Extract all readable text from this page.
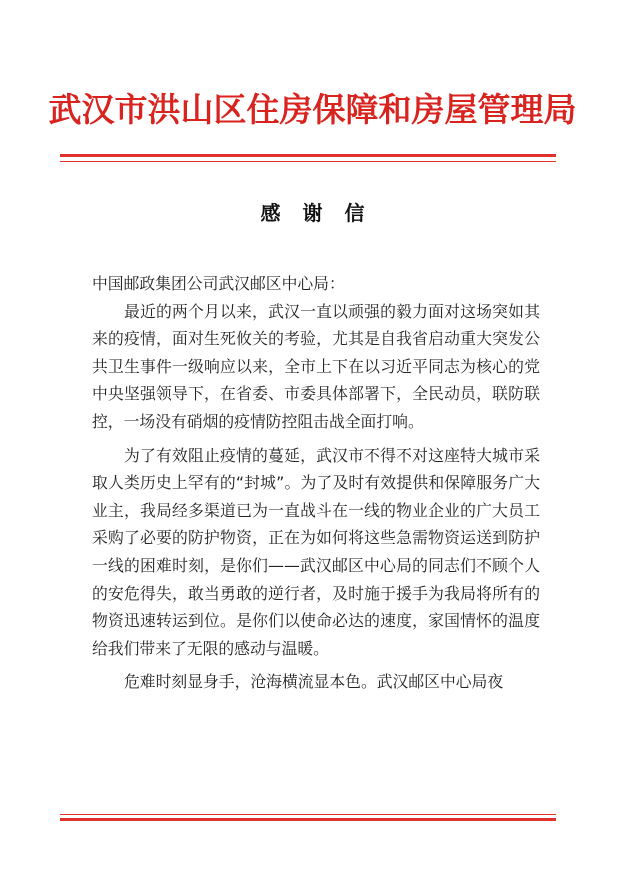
武汉市洪山区住房保障和房屋管理局
感谢信

中国邮政集团公司武汉邮区中心局：

最近的两个月以来，武汉一直以顽强的毅力面对这场突如其来的疫情，面对生死攸关的考验，尤其是自我省启动重大突发公共卫生事件一级响应以来，全市上下在以习近平同志为核心的党中央坚强领导下，在省委、市委具体部署下，全民动员，联防联控，一场没有硝烟的疫情防控阻击战全面打响。

为了有效阻止疫情的蔓延，武汉市不得不对这座特大城市采取人类历史上罕有的“封城”。为了及时有效提供和保障服务广大业主，我局经多渠道已为一直战斗在一线的物业企业的广大员工采购了必要的防护物资，正在为如何将这些急需物资运送到防护一线的困难时刻，是你们——武汉邮区中心局的同志们不顾个人的安危得失，敢当勇敢的逆行者，及时施于援手为我局将所有的物资迅速转运到位。是你们以使命必达的速度，家国情怀的温度给我们带来了无限的感动与温暖。

危难时刻显身手，沧海横流显本色。武汉邮区中心局夜
